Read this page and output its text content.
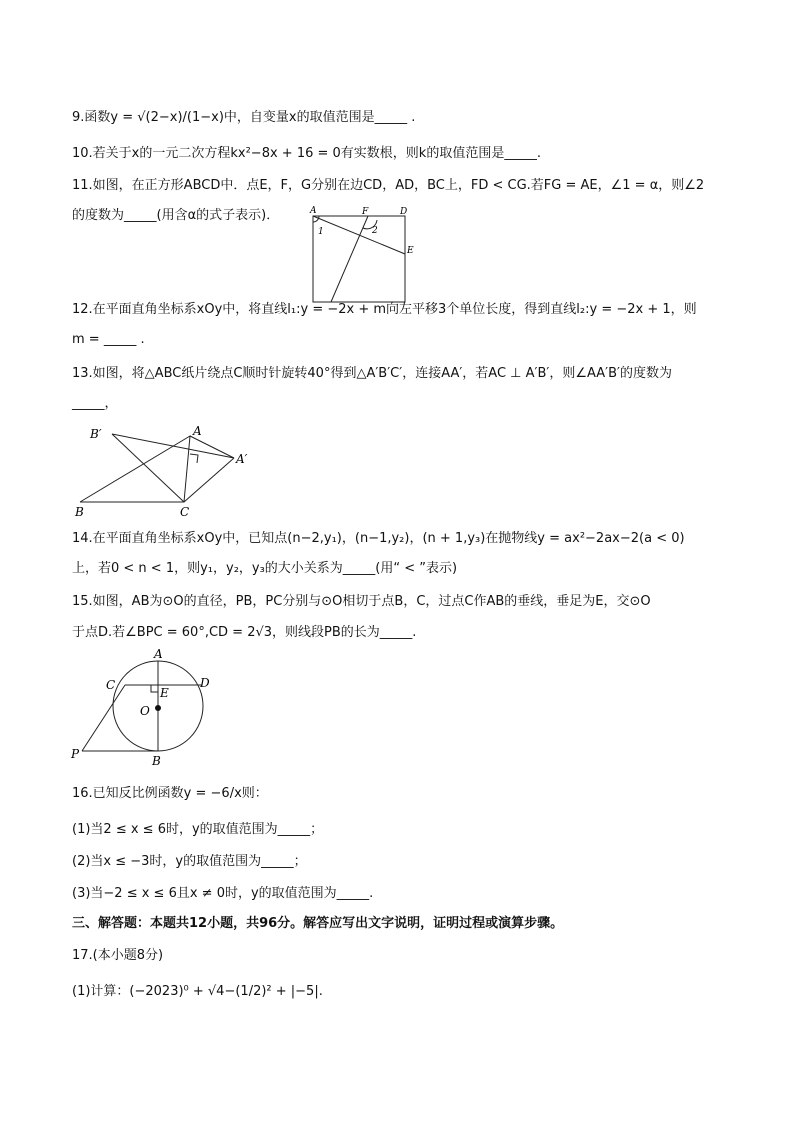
9.函数y = √(2−x)/(1−x)中，自变量x的取值范围是_____ .
10.若关于x的一元二次方程kx²−8x + 16 = 0有实数根，则k的取值范围是_____.
11.如图，在正方形ABCD中．点E，F，G分别在边CD，AD，BC上，FD < CG.若FG = AE，∠1 = α，则∠2
的度数为_____(用含α的式子表示)．	A	F	D
E
1	2
12.在平面直角坐标系xOy中，将直线l₁:y = −2x + m向左平移3个单位长度，得到直线l₂:y = −2x + 1，则
m = _____ .
13.如图，将△ABC纸片绕点C顺时针旋转40°得到△A′B′C′，连接AA′，若AC ⊥ A′B′，则∠AA′B′的度数为
_____，
B′	A
A′
B	C
14.在平面直角坐标系xOy中，已知点(n−2,y₁)，(n−1,y₂)，(n + 1,y₃)在抛物线y = ax²−2ax−2(a < 0)
上，若0 < n < 1，则y₁，y₂，y₃的大小关系为_____(用“ < ”表示)
15.如图，AB为⊙O的直径，PB，PC分别与⊙O相切于点B，C，过点C作AB的垂线，垂足为E，交⊙O
于点D.若∠BPC = 60°,CD = 2√3，则线段PB的长为_____.
A
C	D
E
O
P	B
16.已知反比例函数y = −6/x则：
(1)当2 ≤ x ≤ 6时，y的取值范围为_____；
(2)当x ≤ −3时，y的取值范围为_____；
(3)当−2 ≤ x ≤ 6且x ≠ 0时，y的取值范围为_____.
三、解答题：本题共12小题，共96分。解答应写出文字说明，证明过程或演算步骤。
17.(本小题8分)
(1)计算：(−2023)⁰ + √4−(1/2)² + |−5|.
